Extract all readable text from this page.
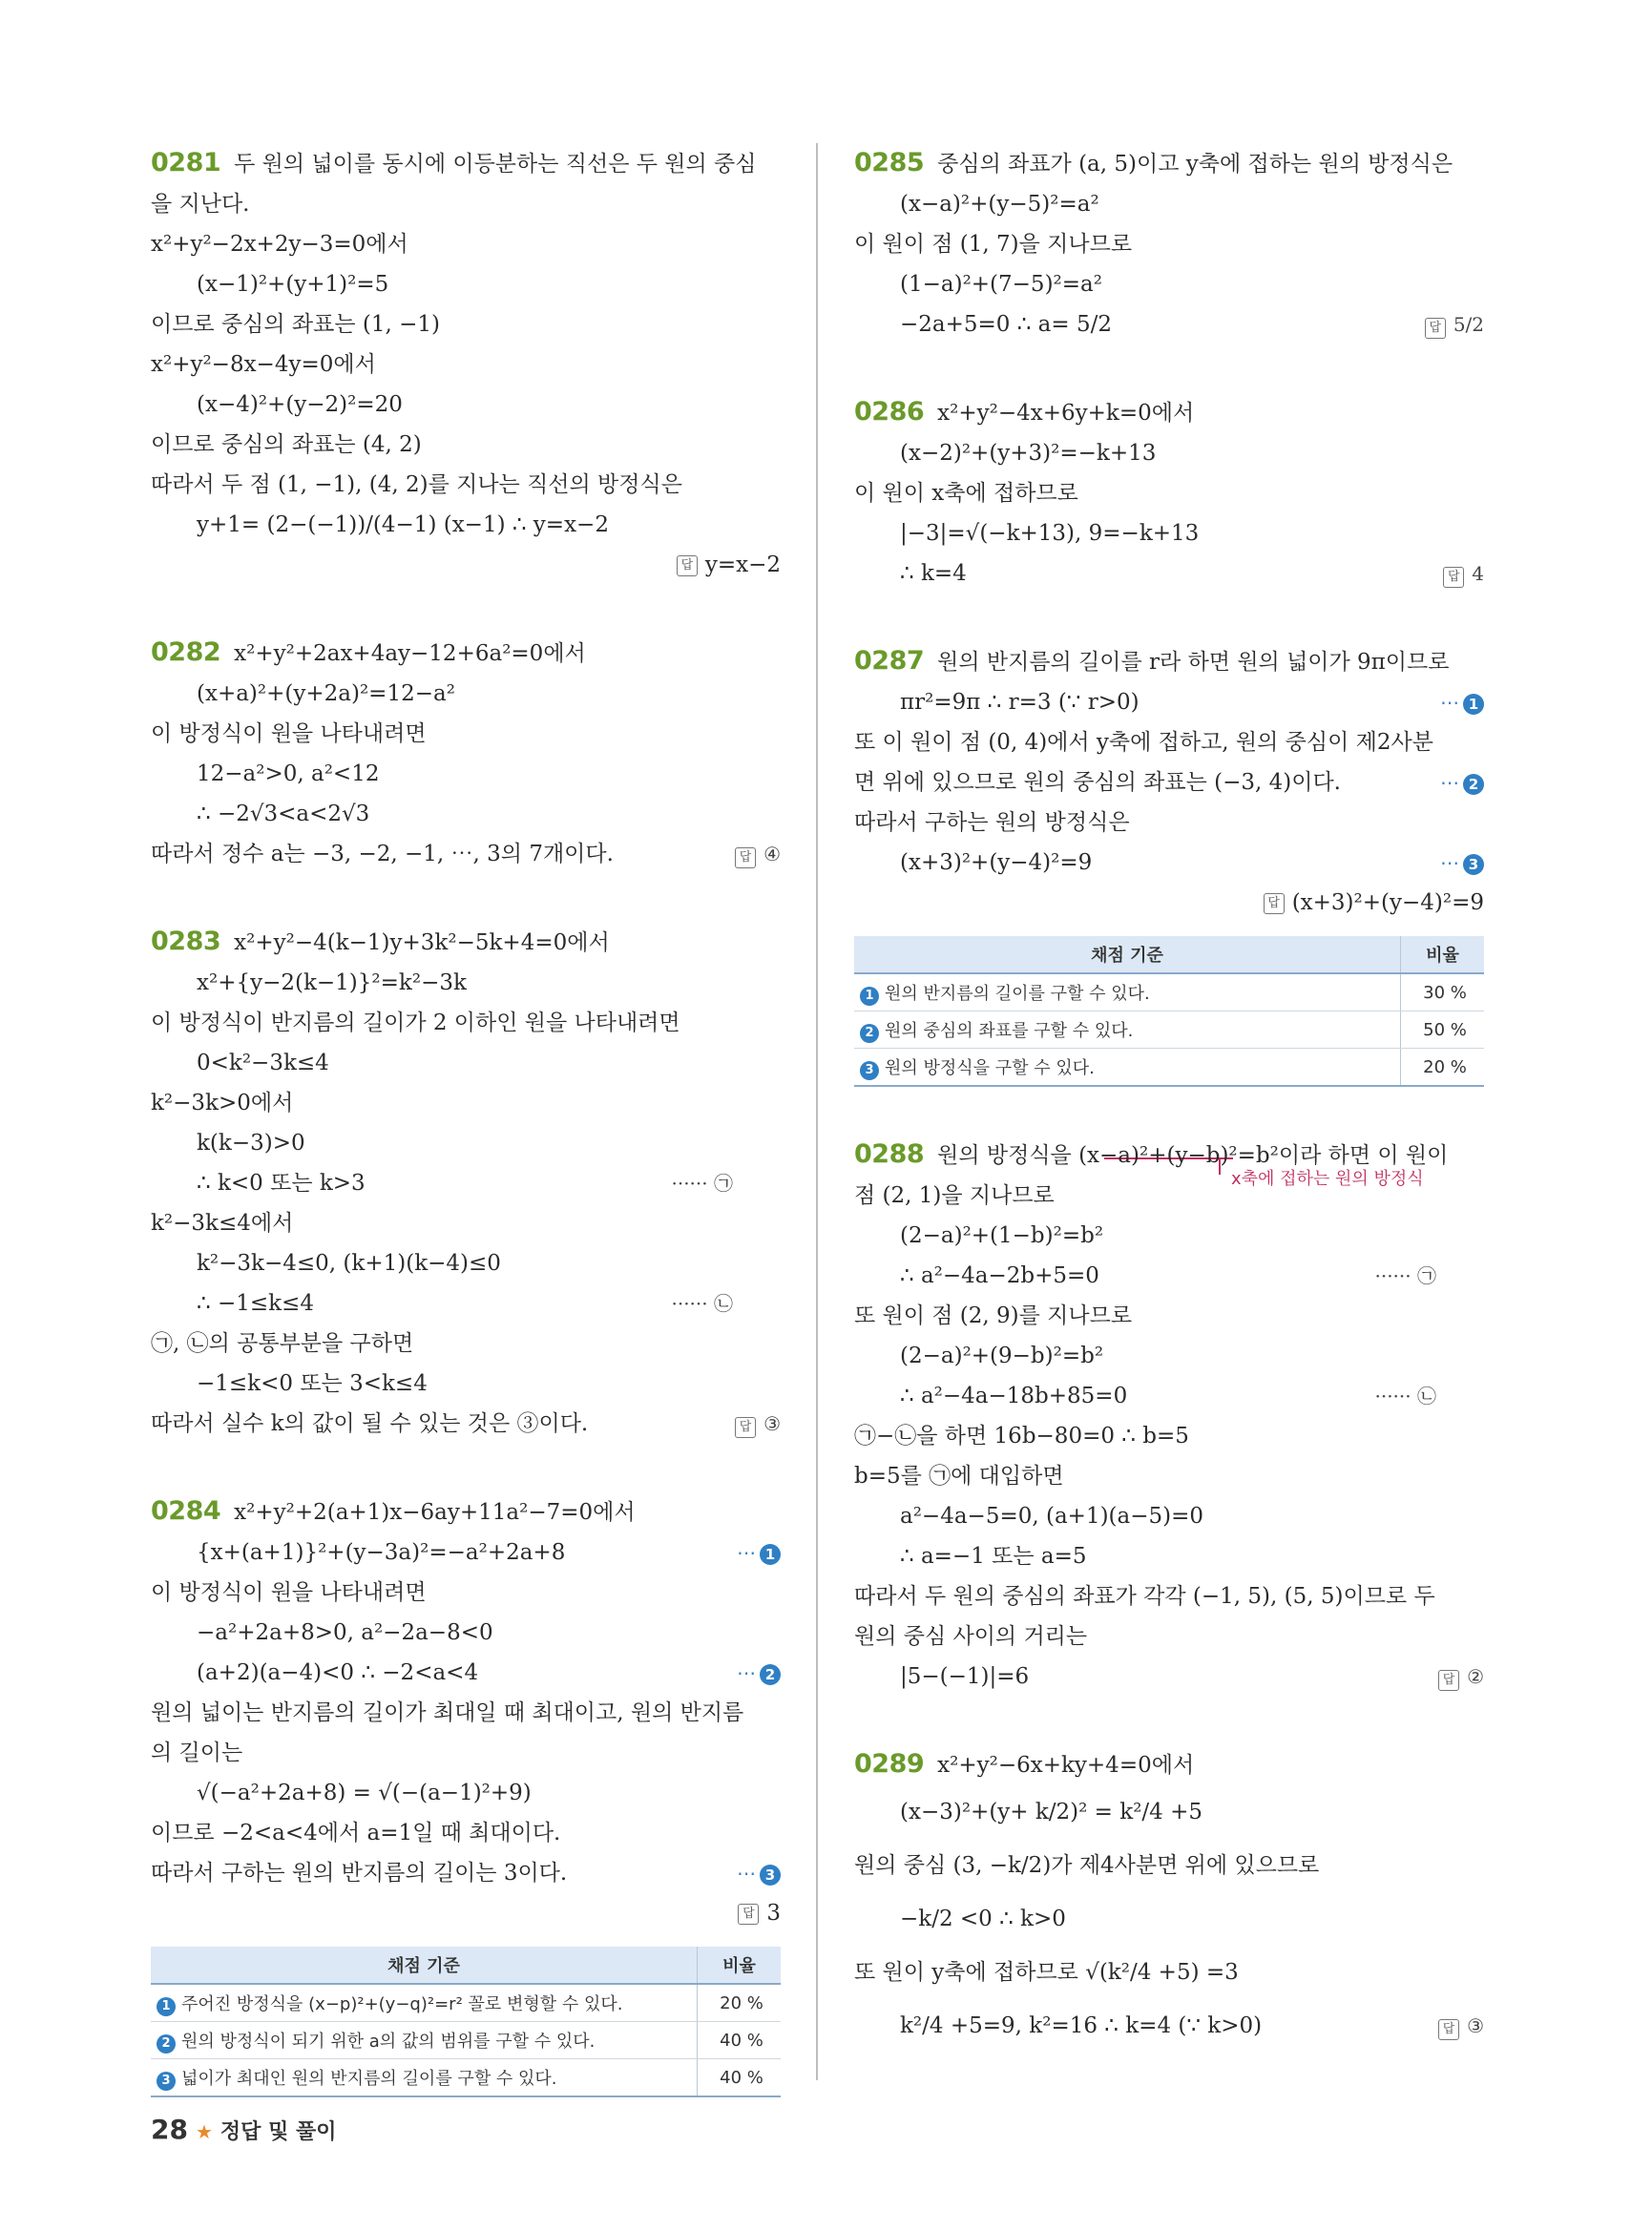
0281 두 원의 넓이를 동시에 이등분하는 직선은 두 원의 중심
을 지난다.
x²+y²−2x+2y−3=0에서
(x−1)²+(y+1)²=5
이므로 중심의 좌표는 (1, −1)
x²+y²−8x−4y=0에서
(x−4)²+(y−2)²=20
이므로 중심의 좌표는 (4, 2)
따라서 두 점 (1, −1), (4, 2)를 지나는 직선의 방정식은
y+1= (2−(−1))/(4−1) (x−1) ∴ y=x−2
답 y=x−2
0282 x²+y²+2ax+4ay−12+6a²=0에서
(x+a)²+(y+2a)²=12−a²
이 방정식이 원을 나타내려면
12−a²>0, a²<12
∴ −2√3<a<2√3
따라서 정수 a는 −3, −2, −1, ⋯, 3의 7개이다.	답 ④
0283 x²+y²−4(k−1)y+3k²−5k+4=0에서
x²+{y−2(k−1)}²=k²−3k
이 방정식이 반지름의 길이가 2 이하인 원을 나타내려면
0<k²−3k≤4
k²−3k>0에서
k(k−3)>0
∴ k<0 또는 k>3	······ ㉠
k²−3k≤4에서
k²−3k−4≤0, (k+1)(k−4)≤0
∴ −1≤k≤4	······ ㉡
㉠, ㉡의 공통부분을 구하면
−1≤k<0 또는 3<k≤4
따라서 실수 k의 값이 될 수 있는 것은 ③이다.	답 ③
0284 x²+y²+2(a+1)x−6ay+11a²−7=0에서
{x+(a+1)}²+(y−3a)²=−a²+2a+8	⋯ 1
이 방정식이 원을 나타내려면
−a²+2a+8>0, a²−2a−8<0
(a+2)(a−4)<0 ∴ −2<a<4	⋯ 2
원의 넓이는 반지름의 길이가 최대일 때 최대이고, 원의 반지름
의 길이는
√(−a²+2a+8) = √(−(a−1)²+9)
이므로 −2<a<4에서 a=1일 때 최대이다.
따라서 구하는 원의 반지름의 길이는 3이다.	⋯ 3
답 3
채점 기준	비율
1 주어진 방정식을 (x−p)²+(y−q)²=r² 꼴로 변형할 수 있다.	20 %
2 원의 방정식이 되기 위한 a의 값의 범위를 구할 수 있다.	40 %
3 넓이가 최대인 원의 반지름의 길이를 구할 수 있다.	40 %
0285 중심의 좌표가 (a, 5)이고 y축에 접하는 원의 방정식은
(x−a)²+(y−5)²=a²
이 원이 점 (1, 7)을 지나므로
(1−a)²+(7−5)²=a²
−2a+5=0 ∴ a= 5/2	답 5/2
0286 x²+y²−4x+6y+k=0에서
(x−2)²+(y+3)²=−k+13
이 원이 x축에 접하므로
|−3|=√(−k+13), 9=−k+13
∴ k=4	답 4
0287 원의 반지름의 길이를 r라 하면 원의 넓이가 9π이므로
πr²=9π ∴ r=3 (∵ r>0)	⋯ 1
또 이 원이 점 (0, 4)에서 y축에 접하고, 원의 중심이 제2사분
면 위에 있으므로 원의 중심의 좌표는 (−3, 4)이다.	⋯ 2
따라서 구하는 원의 방정식은
(x+3)²+(y−4)²=9	⋯ 3
답 (x+3)²+(y−4)²=9
채점 기준	비율
1 원의 반지름의 길이를 구할 수 있다.	30 %
2 원의 중심의 좌표를 구할 수 있다.	50 %
3 원의 방정식을 구할 수 있다.	20 %
x축에 접하는 원의 방정식
0288 원의 방정식을 (x−a)²+(y−b)²=b²이라 하면 이 원이
점 (2, 1)을 지나므로
(2−a)²+(1−b)²=b²
∴ a²−4a−2b+5=0	······ ㉠
또 원이 점 (2, 9)를 지나므로
(2−a)²+(9−b)²=b²
∴ a²−4a−18b+85=0	······ ㉡
㉠−㉡을 하면 16b−80=0 ∴ b=5
b=5를 ㉠에 대입하면
a²−4a−5=0, (a+1)(a−5)=0
∴ a=−1 또는 a=5
따라서 두 원의 중심의 좌표가 각각 (−1, 5), (5, 5)이므로 두
원의 중심 사이의 거리는
|5−(−1)|=6	답 ②
0289 x²+y²−6x+ky+4=0에서
(x−3)²+(y+ k/2)² = k²/4 +5
원의 중심 (3, −k/2)가 제4사분면 위에 있으므로
−k/2 <0 ∴ k>0
또 원이 y축에 접하므로 √(k²/4 +5) =3
k²/4 +5=9, k²=16 ∴ k=4 (∵ k>0)	답 ③
28 ★ 정답 및 풀이
